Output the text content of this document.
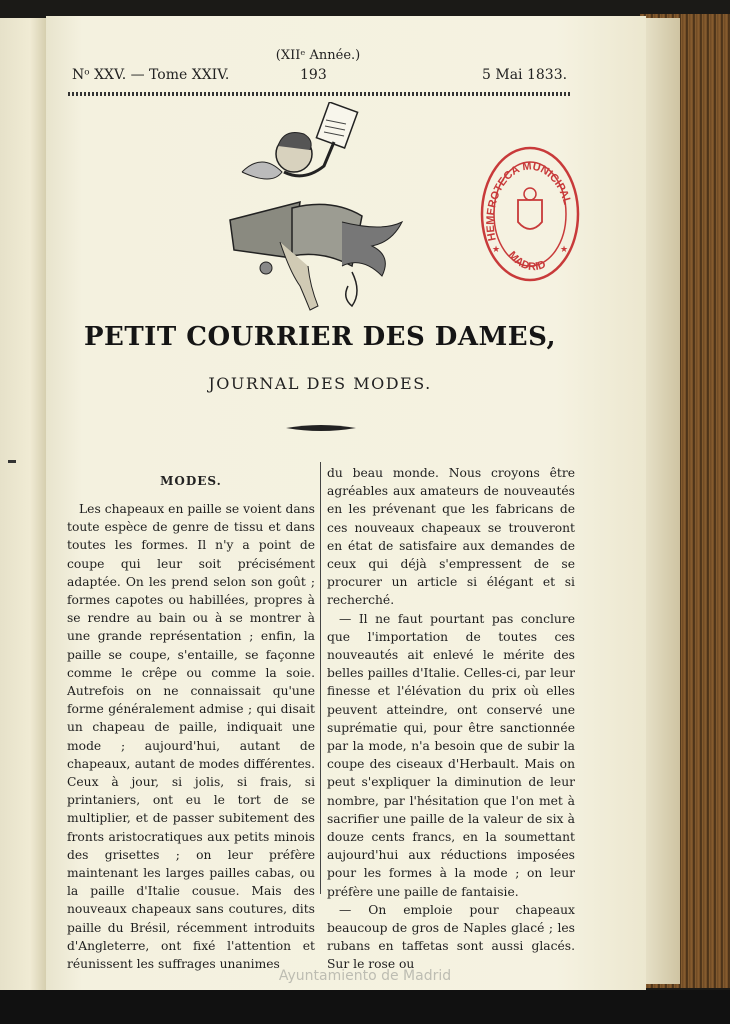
(XIIᵉ Année.)
Nᵒ XXV. — Tome XXIV.	193	5 Mai 1833.
HEMEROTECA MUNICIPAL
MADRID
★	★
PETIT COURRIER DES DAMES,
JOURNAL DES MODES.
MODES.

Les chapeaux en paille se voient dans toute espèce de genre de tissu et dans toutes les formes. Il n'y a point de coupe qui leur soit précisément adaptée. On les prend selon son goût ; formes capotes ou habillées, propres à se rendre au bain ou à se montrer à une grande représentation ; enfin, la paille se coupe, s'entaille, se façonne comme le crêpe ou comme la soie. Autrefois on ne connaissait qu'une forme généralement admise ; qui disait un chapeau de paille, indiquait une mode ; aujourd'hui, autant de chapeaux, autant de modes différentes. Ceux à jour, si jolis, si frais, si printaniers, ont eu le tort de se multiplier, et de passer subitement des fronts aristocratiques aux petits minois des grisettes ; on leur préfère maintenant les larges pailles cabas, ou la paille d'Italie cousue. Mais des nouveaux chapeaux sans coutures, dits paille du Brésil, récemment introduits d'Angleterre, ont fixé l'attention et réunissent les suffrages unanimes

du beau monde. Nous croyons être agréables aux amateurs de nouveautés en les prévenant que les fabricans de ces nouveaux chapeaux se trouveront en état de satisfaire aux demandes de ceux qui déjà s'empressent de se procurer un article si élégant et si recherché.

— Il ne faut pourtant pas conclure que l'importation de toutes ces nouveautés ait enlevé le mérite des belles pailles d'Italie. Celles-ci, par leur finesse et l'élévation du prix où elles peuvent atteindre, ont conservé une suprématie qui, pour être sanctionnée par la mode, n'a besoin que de subir la coupe des ciseaux d'Herbault. Mais on peut s'expliquer la diminution de leur nombre, par l'hésitation que l'on met à sacrifier une paille de la valeur de six à douze cents francs, en la soumettant aujourd'hui aux réductions imposées pour les formes à la mode ; on leur préfère une paille de fantaisie.

— On emploie pour chapeaux beaucoup de gros de Naples glacé ; les rubans en taffetas sont aussi glacés. Sur le rose ou

Ayuntamiento de Madrid
